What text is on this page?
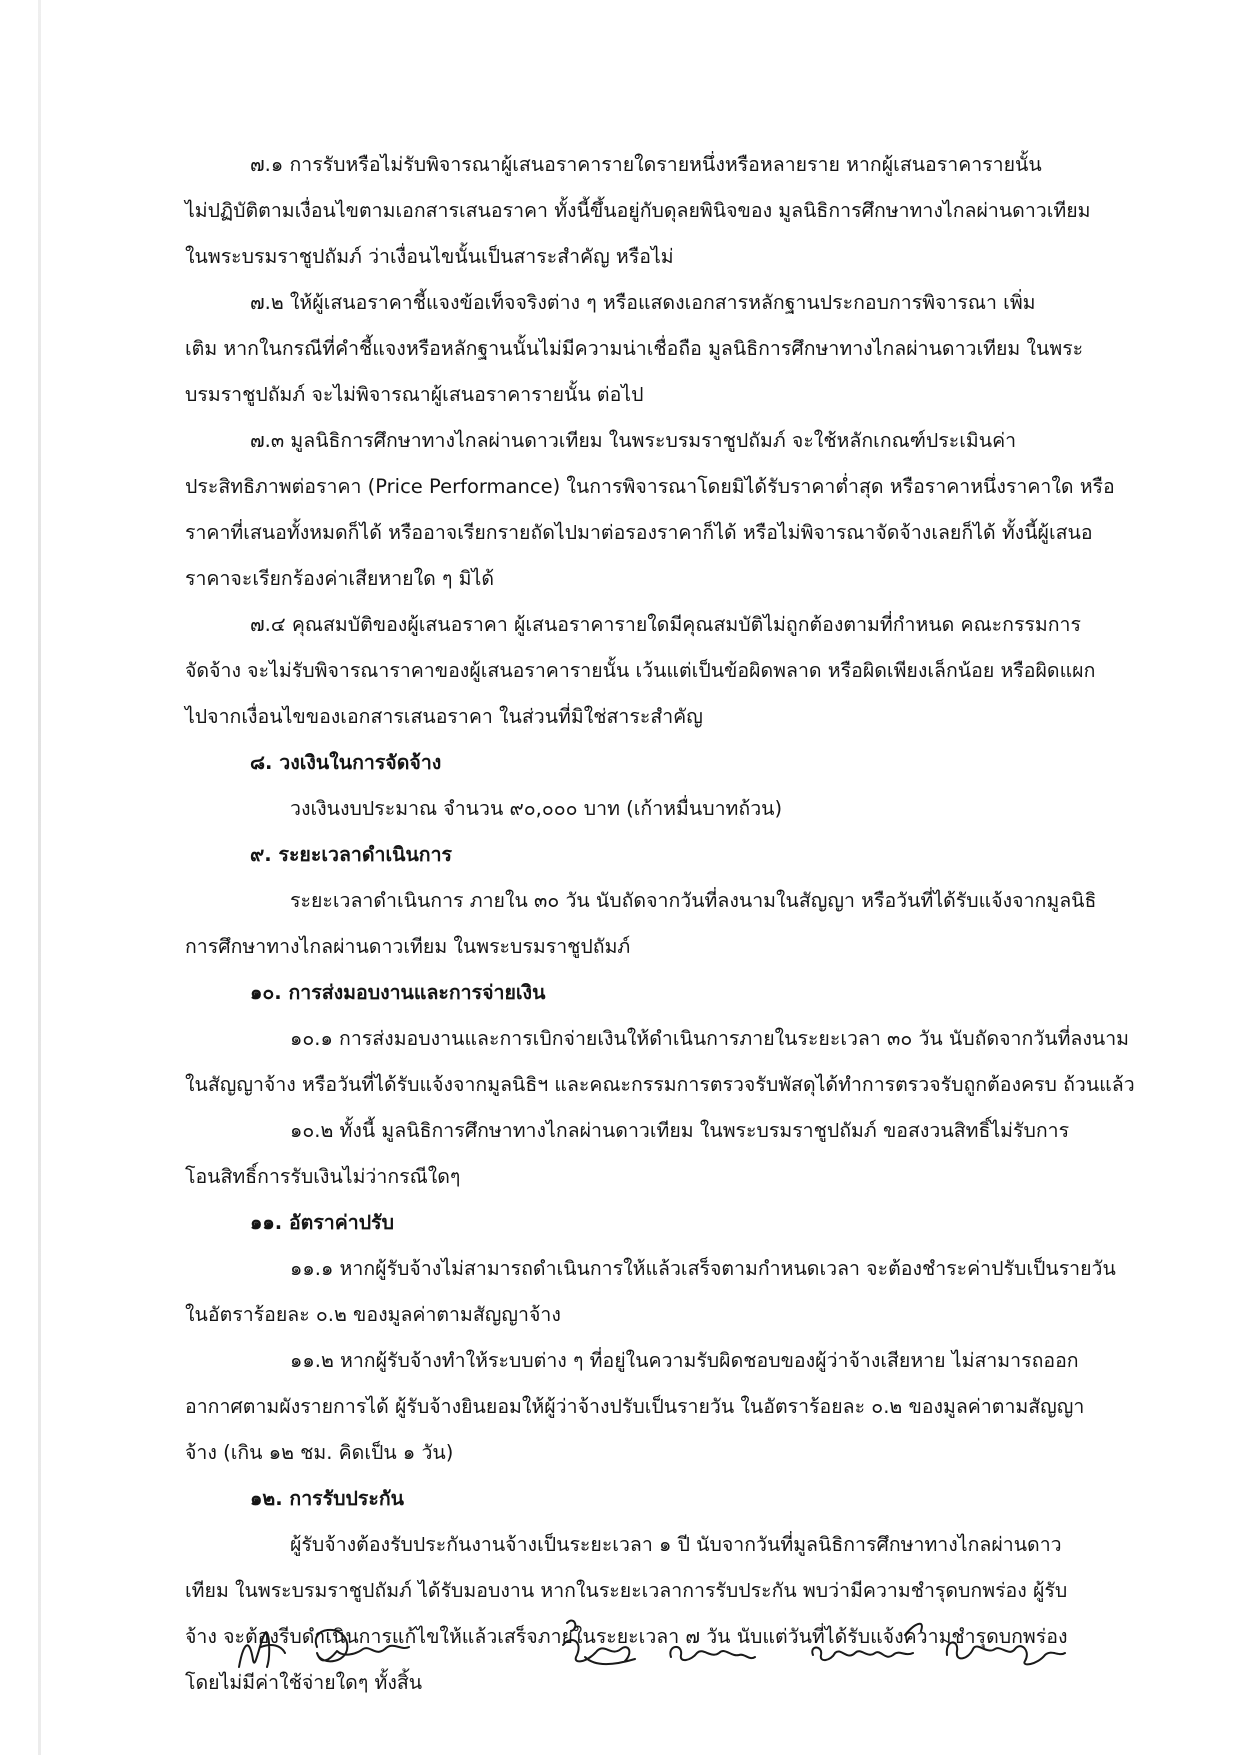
๗.๑ การรับหรือไม่รับพิจารณาผู้เสนอราคารายใดรายหนึ่งหรือหลายราย หากผู้เสนอราคารายนั้น
ไม่ปฏิบัติตามเงื่อนไขตามเอกสารเสนอราคา ทั้งนี้ขึ้นอยู่กับดุลยพินิจของ มูลนิธิการศึกษาทางไกลผ่านดาวเทียม
ในพระบรมราชูปถัมภ์ ว่าเงื่อนไขนั้นเป็นสาระสำคัญ หรือไม่
๗.๒ ให้ผู้เสนอราคาชี้แจงข้อเท็จจริงต่าง ๆ หรือแสดงเอกสารหลักฐานประกอบการพิจารณา เพิ่ม
เติม หากในกรณีที่คำชี้แจงหรือหลักฐานนั้นไม่มีความน่าเชื่อถือ มูลนิธิการศึกษาทางไกลผ่านดาวเทียม ในพระ
บรมราชูปถัมภ์ จะไม่พิจารณาผู้เสนอราคารายนั้น ต่อไป
๗.๓ มูลนิธิการศึกษาทางไกลผ่านดาวเทียม ในพระบรมราชูปถัมภ์ จะใช้หลักเกณฑ์ประเมินค่า
ประสิทธิภาพต่อราคา (Price Performance) ในการพิจารณาโดยมิได้รับราคาต่ำสุด หรือราคาหนึ่งราคาใด หรือ
ราคาที่เสนอทั้งหมดก็ได้ หรืออาจเรียกรายถัดไปมาต่อรองราคาก็ได้ หรือไม่พิจารณาจัดจ้างเลยก็ได้ ทั้งนี้ผู้เสนอ
ราคาจะเรียกร้องค่าเสียหายใด ๆ มิได้
๗.๔ คุณสมบัติของผู้เสนอราคา ผู้เสนอราคารายใดมีคุณสมบัติไม่ถูกต้องตามที่กำหนด คณะกรรมการ
จัดจ้าง จะไม่รับพิจารณาราคาของผู้เสนอราคารายนั้น เว้นแต่เป็นข้อผิดพลาด หรือผิดเพียงเล็กน้อย หรือผิดแผก
ไปจากเงื่อนไขของเอกสารเสนอราคา ในส่วนที่มิใช่สาระสำคัญ
๘. วงเงินในการจัดจ้าง
วงเงินงบประมาณ จำนวน ๙๐,๐๐๐ บาท (เก้าหมื่นบาทถ้วน)
๙. ระยะเวลาดำเนินการ
ระยะเวลาดำเนินการ ภายใน ๓๐ วัน นับถัดจากวันที่ลงนามในสัญญา หรือวันที่ได้รับแจ้งจากมูลนิธิ
การศึกษาทางไกลผ่านดาวเทียม ในพระบรมราชูปถัมภ์
๑๐. การส่งมอบงานและการจ่ายเงิน
๑๐.๑ การส่งมอบงานและการเบิกจ่ายเงินให้ดำเนินการภายในระยะเวลา ๓๐ วัน นับถัดจากวันที่ลงนาม
ในสัญญาจ้าง หรือวันที่ได้รับแจ้งจากมูลนิธิฯ และคณะกรรมการตรวจรับพัสดุได้ทำการตรวจรับถูกต้องครบ ถ้วนแล้ว
๑๐.๒ ทั้งนี้ มูลนิธิการศึกษาทางไกลผ่านดาวเทียม ในพระบรมราชูปถัมภ์ ขอสงวนสิทธิ์ไม่รับการ
โอนสิทธิ์การรับเงินไม่ว่ากรณีใดๆ
๑๑. อัตราค่าปรับ
๑๑.๑ หากผู้รับจ้างไม่สามารถดำเนินการให้แล้วเสร็จตามกำหนดเวลา จะต้องชำระค่าปรับเป็นรายวัน
ในอัตราร้อยละ ๐.๒ ของมูลค่าตามสัญญาจ้าง
๑๑.๒ หากผู้รับจ้างทำให้ระบบต่าง ๆ ที่อยู่ในความรับผิดชอบของผู้ว่าจ้างเสียหาย ไม่สามารถออก
อากาศตามผังรายการได้ ผู้รับจ้างยินยอมให้ผู้ว่าจ้างปรับเป็นรายวัน ในอัตราร้อยละ ๐.๒ ของมูลค่าตามสัญญา
จ้าง (เกิน ๑๒ ชม. คิดเป็น ๑ วัน)
๑๒. การรับประกัน
ผู้รับจ้างต้องรับประกันงานจ้างเป็นระยะเวลา ๑ ปี นับจากวันที่มูลนิธิการศึกษาทางไกลผ่านดาว
เทียม ในพระบรมราชูปถัมภ์ ได้รับมอบงาน หากในระยะเวลาการรับประกัน พบว่ามีความชำรุดบกพร่อง ผู้รับ
จ้าง จะต้องรีบดำเนินการแก้ไขให้แล้วเสร็จภายในระยะเวลา ๗ วัน นับแต่วันที่ได้รับแจ้งความชำรุดบกพร่อง
โดยไม่มีค่าใช้จ่ายใดๆ ทั้งสิ้น
